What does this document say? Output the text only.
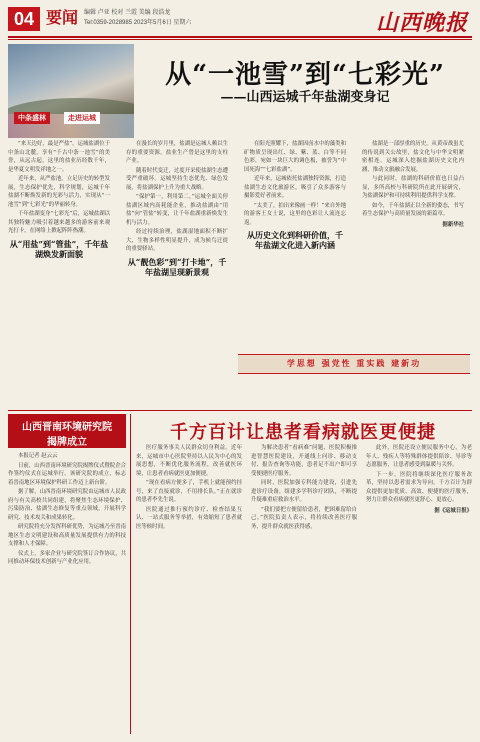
04 要闻 编辑 卢亚 校对 兰霞 美编 段浩龙
Tel:0359-2028985 2023年5月6日 星期六	山西晚报
中条盛林	走进运城
从“一池雪”到“七彩光”
——山西运城千年盐湖变身记

“来天边好，最是严盐”。运城盐湖位于中条山北麓，享有“千古中条一池雪”的美誉，从远古起，这里的盐业历经数千年，是华夏文明发祥地之一。

近年来，从严盐池，立足历史的转型发展，生态保护优先，科学规划，运城千年盐湖不断焕发新的光彩与活力，实现从“一池雪”到“七彩光”的华丽转身。

千年盐湖变身“七彩光”后，运城盐湖以其独特魅力吸引着越来越多的游客前来观光打卡，在网络上掀起阵阵热潮。

从“用盐”到“管盐”，千年盐湖焕发新面貌

在漫长的岁月里，盐湖是运城人赖以生存的重要资源，盐业生产曾是这里的支柱产业。

随着时代变迁，过度开采使盐湖生态遭受严重破坏。运城坚持生态优先、绿色发展，将盐湖保护上升为重大战略。

“保护第一，利用第二。”运城全面关停盐湖区域内高耗能企业，推动盐湖由“用盐”向“管盐”转变，让千年盐湖重新焕发生机与活力。

经过持续治理，盐湖湿地面积不断扩大，生物多样性明显提升，成为候鸟迁徙的重要驿站。

从“靓色彩”到“打卡地”，千年盐湖呈现新景观

在阳光照耀下，盐湖因卤水中的藻类和矿物质呈现出红、绿、紫、蓝、白等不同色彩，宛如一块巨大的调色板，被誉为“中国死海”“七彩盐湖”。

近年来，运城依托盐湖独特资源，打造盐湖生态文化旅游区，吸引了众多游客与摄影爱好者前来。

“太美了，拍出来像画一样！”来自外地的游客王女士说，这里的色彩让人流连忘返。

从历史文化到科研价值，千年盐湖文化进入新内涵

盐湖是一部厚重的历史，从黄帝战蚩尤的传说到关公故里，盐文化与中华文明紧密相连。运城深入挖掘盐湖历史文化内涵，推动文旅融合发展。

与此同时，盐湖的科研价值也日益凸显，多所高校与科研院所在此开展研究，为盐湖保护和可持续利用提供科学支撑。

如今，千年盐湖正以全新的姿态，书写着生态保护与高质量发展的新篇章。

据新华社
学思想 强党性 重实践 建新功
山西晋南环境研究院
揭牌成立

本报记者 赵云云

日前，山西晋南环境研究院揭牌仪式暨院企合作签约仪式在运城举行。该研究院的成立，标志着晋南地区环境保护科研工作迈上新台阶。

据了解，山西晋南环境研究院由运城市人民政府与有关高校共同组建，将聚焦生态环境保护、污染防治、盐湖生态修复等重点领域，开展科学研究、技术攻关和成果转化。

研究院将充分发挥科研优势，为运城乃至晋南地区生态文明建设和高质量发展提供有力的科技支撑和人才保障。

仪式上，多家企业与研究院签订合作协议，共同推动环保技术创新与产业化应用。

千方百计让患者看病就医更便捷

医疗服务事关人民群众切身利益。近年来，运城市中心医院坚持以人民为中心的发展思想，不断优化服务流程，改善就医环境，让患者看病就医更加便捷。

“现在看病方便多了，手机上就能预约挂号，来了直接就诊，不用排长队。”正在就诊的患者李先生说。

医院通过推行预约诊疗、检查结果互认、一站式服务等举措，有效缩短了患者就医等候时间。

为解决患者“看病难”问题，医院积极推进智慧医院建设，开通线上问诊、移动支付、报告查询等功能，患者足不出户即可享受便捷医疗服务。

同时，医院加强专科能力建设，引进先进诊疗设备，组建多学科诊疗团队，不断提升疑难重症救治水平。

“我们要把方便留给患者，把困难留给自己。”医院负责人表示，将持续改善医疗服务，提升群众就医获得感。

此外，医院还设立便民服务中心，为老年人、残疾人等特殊群体提供陪诊、导诊等志愿服务，让患者感受到温暖与关怀。

下一步，医院将继续深化医疗服务改革，坚持以患者需求为导向，千方百计为群众提供更加优质、高效、便捷的医疗服务，努力让群众看病就医更舒心、更放心。

据《运城日报》
